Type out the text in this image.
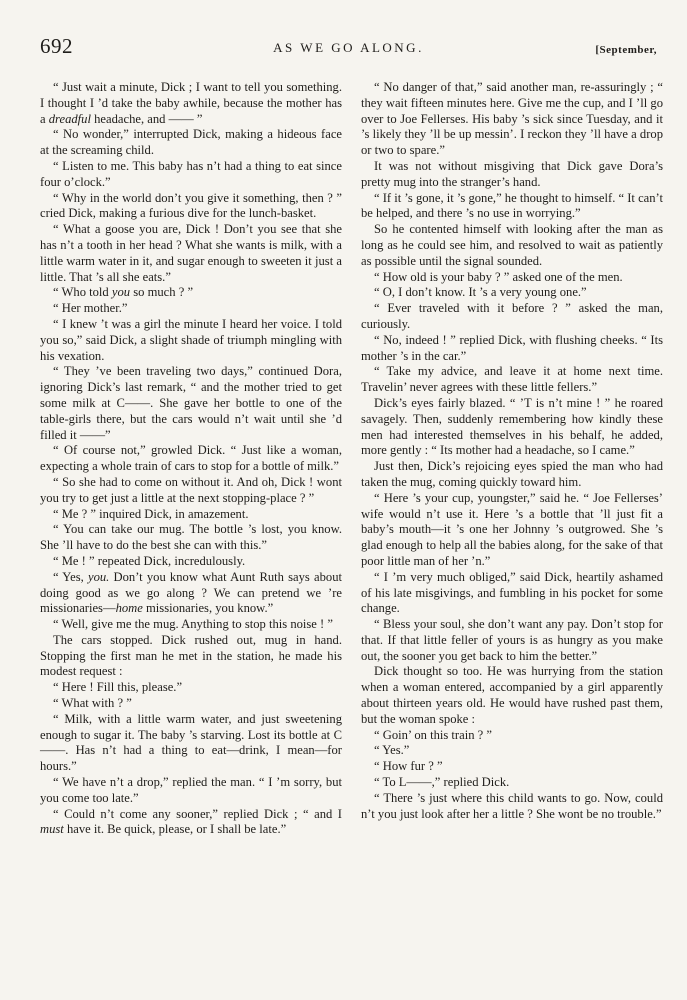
692	AS WE GO ALONG.	[September,

“ Just wait a minute, Dick ; I want to tell you something. I thought I ’d take the baby awhile, because the mother has a dreadful headache, and —— ”

“ No wonder,” interrupted Dick, making a hideous face at the screaming child.

“ Listen to me. This baby has n’t had a thing to eat since four o’clock.”

“ Why in the world don’t you give it something, then ? ” cried Dick, making a furious dive for the lunch-basket.

“ What a goose you are, Dick ! Don’t you see that she has n’t a tooth in her head ? What she wants is milk, with a little warm water in it, and sugar enough to sweeten it just a little. That ’s all she eats.”

“ Who told you so much ? ”

“ Her mother.”

“ I knew ’t was a girl the minute I heard her voice. I told you so,” said Dick, a slight shade of triumph mingling with his vexation.

“ They ’ve been traveling two days,” continued Dora, ignoring Dick’s last remark, “ and the mother tried to get some milk at C——. She gave her bottle to one of the table-girls there, but the cars would n’t wait until she ’d filled it ——”

“ Of course not,” growled Dick. “ Just like a woman, expecting a whole train of cars to stop for a bottle of milk.”

“ So she had to come on without it. And oh, Dick ! wont you try to get just a little at the next stopping-place ? ”

“ Me ? ” inquired Dick, in amazement.

“ You can take our mug. The bottle ’s lost, you know. She ’ll have to do the best she can with this.”

“ Me ! ” repeated Dick, incredulously.

“ Yes, you. Don’t you know what Aunt Ruth says about doing good as we go along ? We can pretend we ’re missionaries—home missionaries, you know.”

“ Well, give me the mug. Anything to stop this noise ! ”

The cars stopped. Dick rushed out, mug in hand. Stopping the first man he met in the station, he made his modest request :

“ Here ! Fill this, please.”

“ What with ? ”

“ Milk, with a little warm water, and just sweetening enough to sugar it. The baby ’s starving. Lost its bottle at C——. Has n’t had a thing to eat—drink, I mean—for hours.”

“ We have n’t a drop,” replied the man. “ I ’m sorry, but you come too late.”

“ Could n’t come any sooner,” replied Dick ; “ and I must have it. Be quick, please, or I shall be late.”

“ No danger of that,” said another man, re-assuringly ; “ they wait fifteen minutes here. Give me the cup, and I ’ll go over to Joe Fellerses. His baby ’s sick since Tuesday, and it ’s likely they ’ll be up messin’. I reckon they ’ll have a drop or two to spare.”

It was not without misgiving that Dick gave Dora’s pretty mug into the stranger’s hand.

“ If it ’s gone, it ’s gone,” he thought to himself. “ It can’t be helped, and there ’s no use in worrying.”

So he contented himself with looking after the man as long as he could see him, and resolved to wait as patiently as possible until the signal sounded.

“ How old is your baby ? ” asked one of the men.

“ O, I don’t know. It ’s a very young one.”

“ Ever traveled with it before ? ” asked the man, curiously.

“ No, indeed ! ” replied Dick, with flushing cheeks. “ Its mother ’s in the car.”

“ Take my advice, and leave it at home next time. Travelin’ never agrees with these little fellers.”

Dick’s eyes fairly blazed. “ ’T is n’t mine ! ” he roared savagely. Then, suddenly remembering how kindly these men had interested themselves in his behalf, he added, more gently : “ Its mother had a headache, so I came.”

Just then, Dick’s rejoicing eyes spied the man who had taken the mug, coming quickly toward him.

“ Here ’s your cup, youngster,” said he. “ Joe Fellerses’ wife would n’t use it. Here ’s a bottle that ’ll just fit a baby’s mouth—it ’s one her Johnny ’s outgrowed. She ’s glad enough to help all the babies along, for the sake of that poor little man of her ’n.”

“ I ’m very much obliged,” said Dick, heartily ashamed of his late misgivings, and fumbling in his pocket for some change.

“ Bless your soul, she don’t want any pay. Don’t stop for that. If that little feller of yours is as hungry as you make out, the sooner you get back to him the better.”

Dick thought so too. He was hurrying from the station when a woman entered, accompanied by a girl apparently about thirteen years old. He would have rushed past them, but the woman spoke :

“ Goin’ on this train ? ”

“ Yes.”

“ How fur ? ”

“ To L——,” replied Dick.

“ There ’s just where this child wants to go. Now, could n’t you just look after her a little ? She wont be no trouble.”
